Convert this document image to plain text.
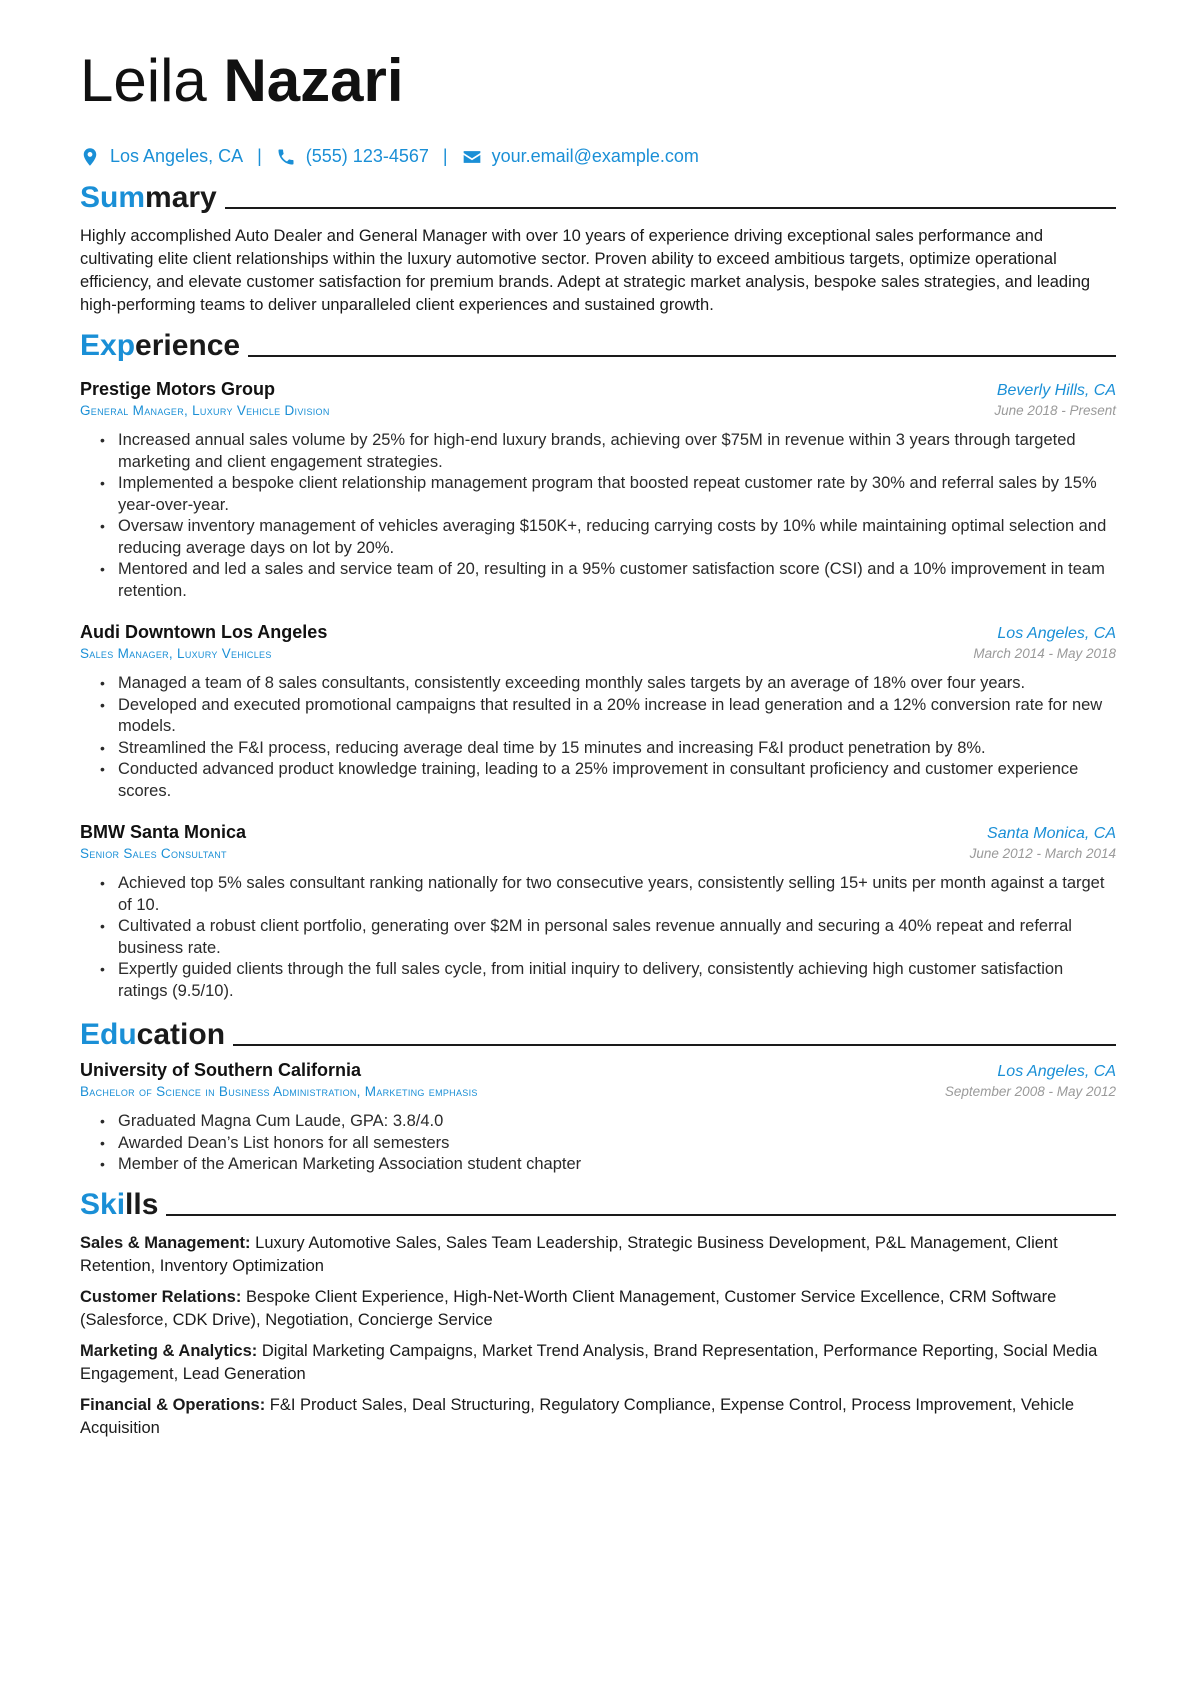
Leila Nazari
Los Angeles, CA | (555) 123-4567 | your.email@example.com
Summary
Highly accomplished Auto Dealer and General Manager with over 10 years of experience driving exceptional sales performance and cultivating elite client relationships within the luxury automotive sector. Proven ability to exceed ambitious targets, optimize operational efficiency, and elevate customer satisfaction for premium brands. Adept at strategic market analysis, bespoke sales strategies, and leading high-performing teams to deliver unparalleled client experiences and sustained growth.
Experience
Prestige Motors Group	Beverly Hills, CA
General Manager, Luxury Vehicle Division	June 2018 - Present
• Increased annual sales volume by 25% for high-end luxury brands, achieving over $75M in revenue within 3 years through targeted marketing and client engagement strategies.
• Implemented a bespoke client relationship management program that boosted repeat customer rate by 30% and referral sales by 15% year-over-year.
• Oversaw inventory management of vehicles averaging $150K+, reducing carrying costs by 10% while maintaining optimal selection and reducing average days on lot by 20%.
• Mentored and led a sales and service team of 20, resulting in a 95% customer satisfaction score (CSI) and a 10% improvement in team retention.
Audi Downtown Los Angeles	Los Angeles, CA
Sales Manager, Luxury Vehicles	March 2014 - May 2018
• Managed a team of 8 sales consultants, consistently exceeding monthly sales targets by an average of 18% over four years.
• Developed and executed promotional campaigns that resulted in a 20% increase in lead generation and a 12% conversion rate for new models.
• Streamlined the F&I process, reducing average deal time by 15 minutes and increasing F&I product penetration by 8%.
• Conducted advanced product knowledge training, leading to a 25% improvement in consultant proficiency and customer experience scores.
BMW Santa Monica	Santa Monica, CA
Senior Sales Consultant	June 2012 - March 2014
• Achieved top 5% sales consultant ranking nationally for two consecutive years, consistently selling 15+ units per month against a target of 10.
• Cultivated a robust client portfolio, generating over $2M in personal sales revenue annually and securing a 40% repeat and referral business rate.
• Expertly guided clients through the full sales cycle, from initial inquiry to delivery, consistently achieving high customer satisfaction ratings (9.5/10).
Education
University of Southern California	Los Angeles, CA
Bachelor of Science in Business Administration, Marketing emphasis	September 2008 - May 2012
• Graduated Magna Cum Laude, GPA: 3.8/4.0
• Awarded Dean’s List honors for all semesters
• Member of the American Marketing Association student chapter
Skills
Sales & Management: Luxury Automotive Sales, Sales Team Leadership, Strategic Business Development, P&L Management, Client Retention, Inventory Optimization
Customer Relations: Bespoke Client Experience, High-Net-Worth Client Management, Customer Service Excellence, CRM Software (Salesforce, CDK Drive), Negotiation, Concierge Service
Marketing & Analytics: Digital Marketing Campaigns, Market Trend Analysis, Brand Representation, Performance Reporting, Social Media Engagement, Lead Generation
Financial & Operations: F&I Product Sales, Deal Structuring, Regulatory Compliance, Expense Control, Process Improvement, Vehicle Acquisition
